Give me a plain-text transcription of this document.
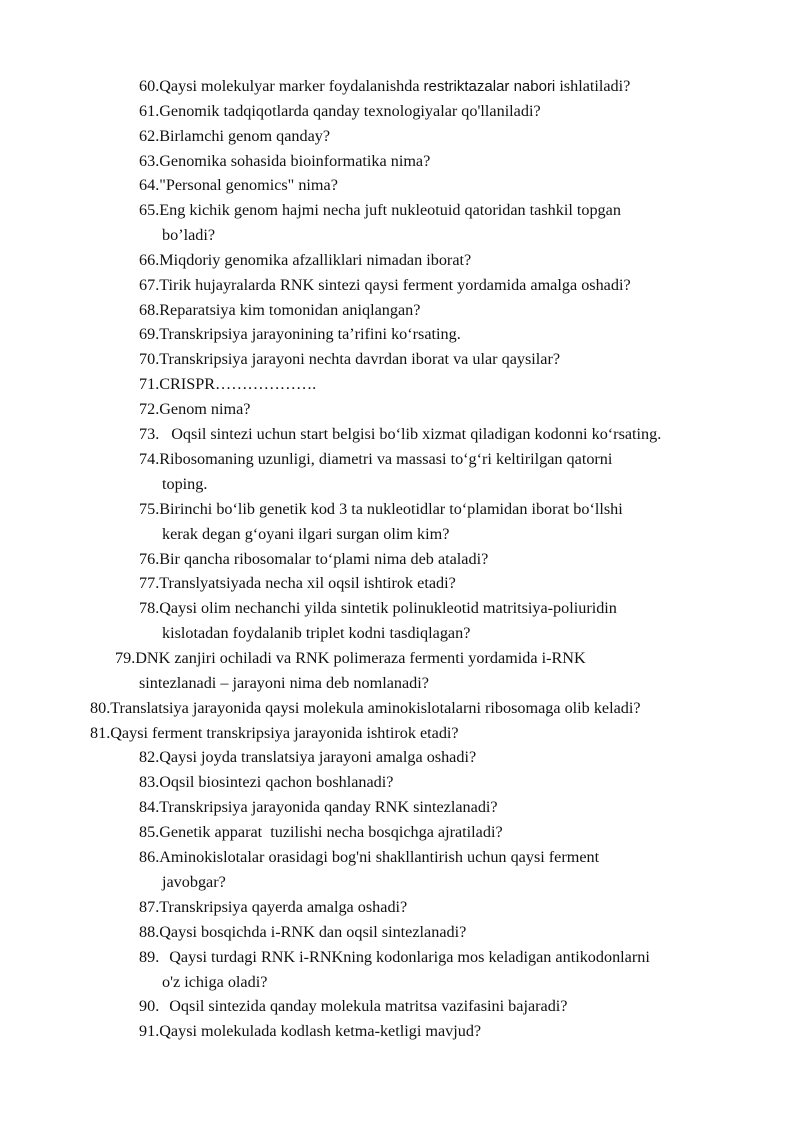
60.Qaysi molekulyar marker foydalanishda restriktazalar nabori ishlatiladi?
61.Genomik tadqiqotlarda qanday texnologiyalar qo'llaniladi?
62.Birlamchi genom qanday?
63.Genomika sohasida bioinformatika nima?
64."Personal genomics" nima?
65.Eng kichik genom hajmi necha juft nukleotuid qatoridan tashkil topgan
bo’ladi?
66.Miqdoriy genomika afzalliklari nimadan iborat?
67.Tirik hujayralarda RNK sintezi qaysi ferment yordamida amalga oshadi?
68.Reparatsiya kim tomonidan aniqlangan?
69.Transkripsiya jarayonining ta’rifini ko‘rsating.
70.Transkripsiya jarayoni nechta davrdan iborat va ular qaysilar?
71.CRISPR……………….
72.Genom nima?
73. Oqsil sintezi uchun start belgisi bo‘lib xizmat qiladigan kodonni ko‘rsating.
74.Ribosomaning uzunligi, diametri va massasi to‘g‘ri keltirilgan qatorni
toping.
75.Birinchi bo‘lib genetik kod 3 ta nukleotidlar to‘plamidan iborat bo‘llshi
kerak degan g‘oyani ilgari surgan olim kim?
76.Bir qancha ribosomalar to‘plami nima deb ataladi?
77.Translyatsiyada necha xil oqsil ishtirok etadi?
78.Qaysi olim nechanchi yilda sintetik polinukleotid matritsiya-poliuridin
kislotadan foydalanib triplet kodni tasdiqlagan?
79.DNK zanjiri ochiladi va RNK polimeraza fermenti yordamida i-RNK
sintezlanadi – jarayoni nima deb nomlanadi?
80.Translatsiya jarayonida qaysi molekula aminokislotalarni ribosomaga olib keladi?
81.Qaysi ferment transkripsiya jarayonida ishtirok etadi?
82.Qaysi joyda translatsiya jarayoni amalga oshadi?
83.Oqsil biosintezi qachon boshlanadi?
84.Transkripsiya jarayonida qanday RNK sintezlanadi?
85.Genetik apparat  tuzilishi necha bosqichga ajratiladi?
86.Aminokislotalar orasidagi bog'ni shakllantirish uchun qaysi ferment
javobgar?
87.Transkripsiya qayerda amalga oshadi?
88.Qaysi bosqichda i-RNK dan oqsil sintezlanadi?
89. Qaysi turdagi RNK i-RNKning kodonlariga mos keladigan antikodonlarni
o'z ichiga oladi?
90. Oqsil sintezida qanday molekula matritsa vazifasini bajaradi?
91.Qaysi molekulada kodlash ketma-ketligi mavjud?
